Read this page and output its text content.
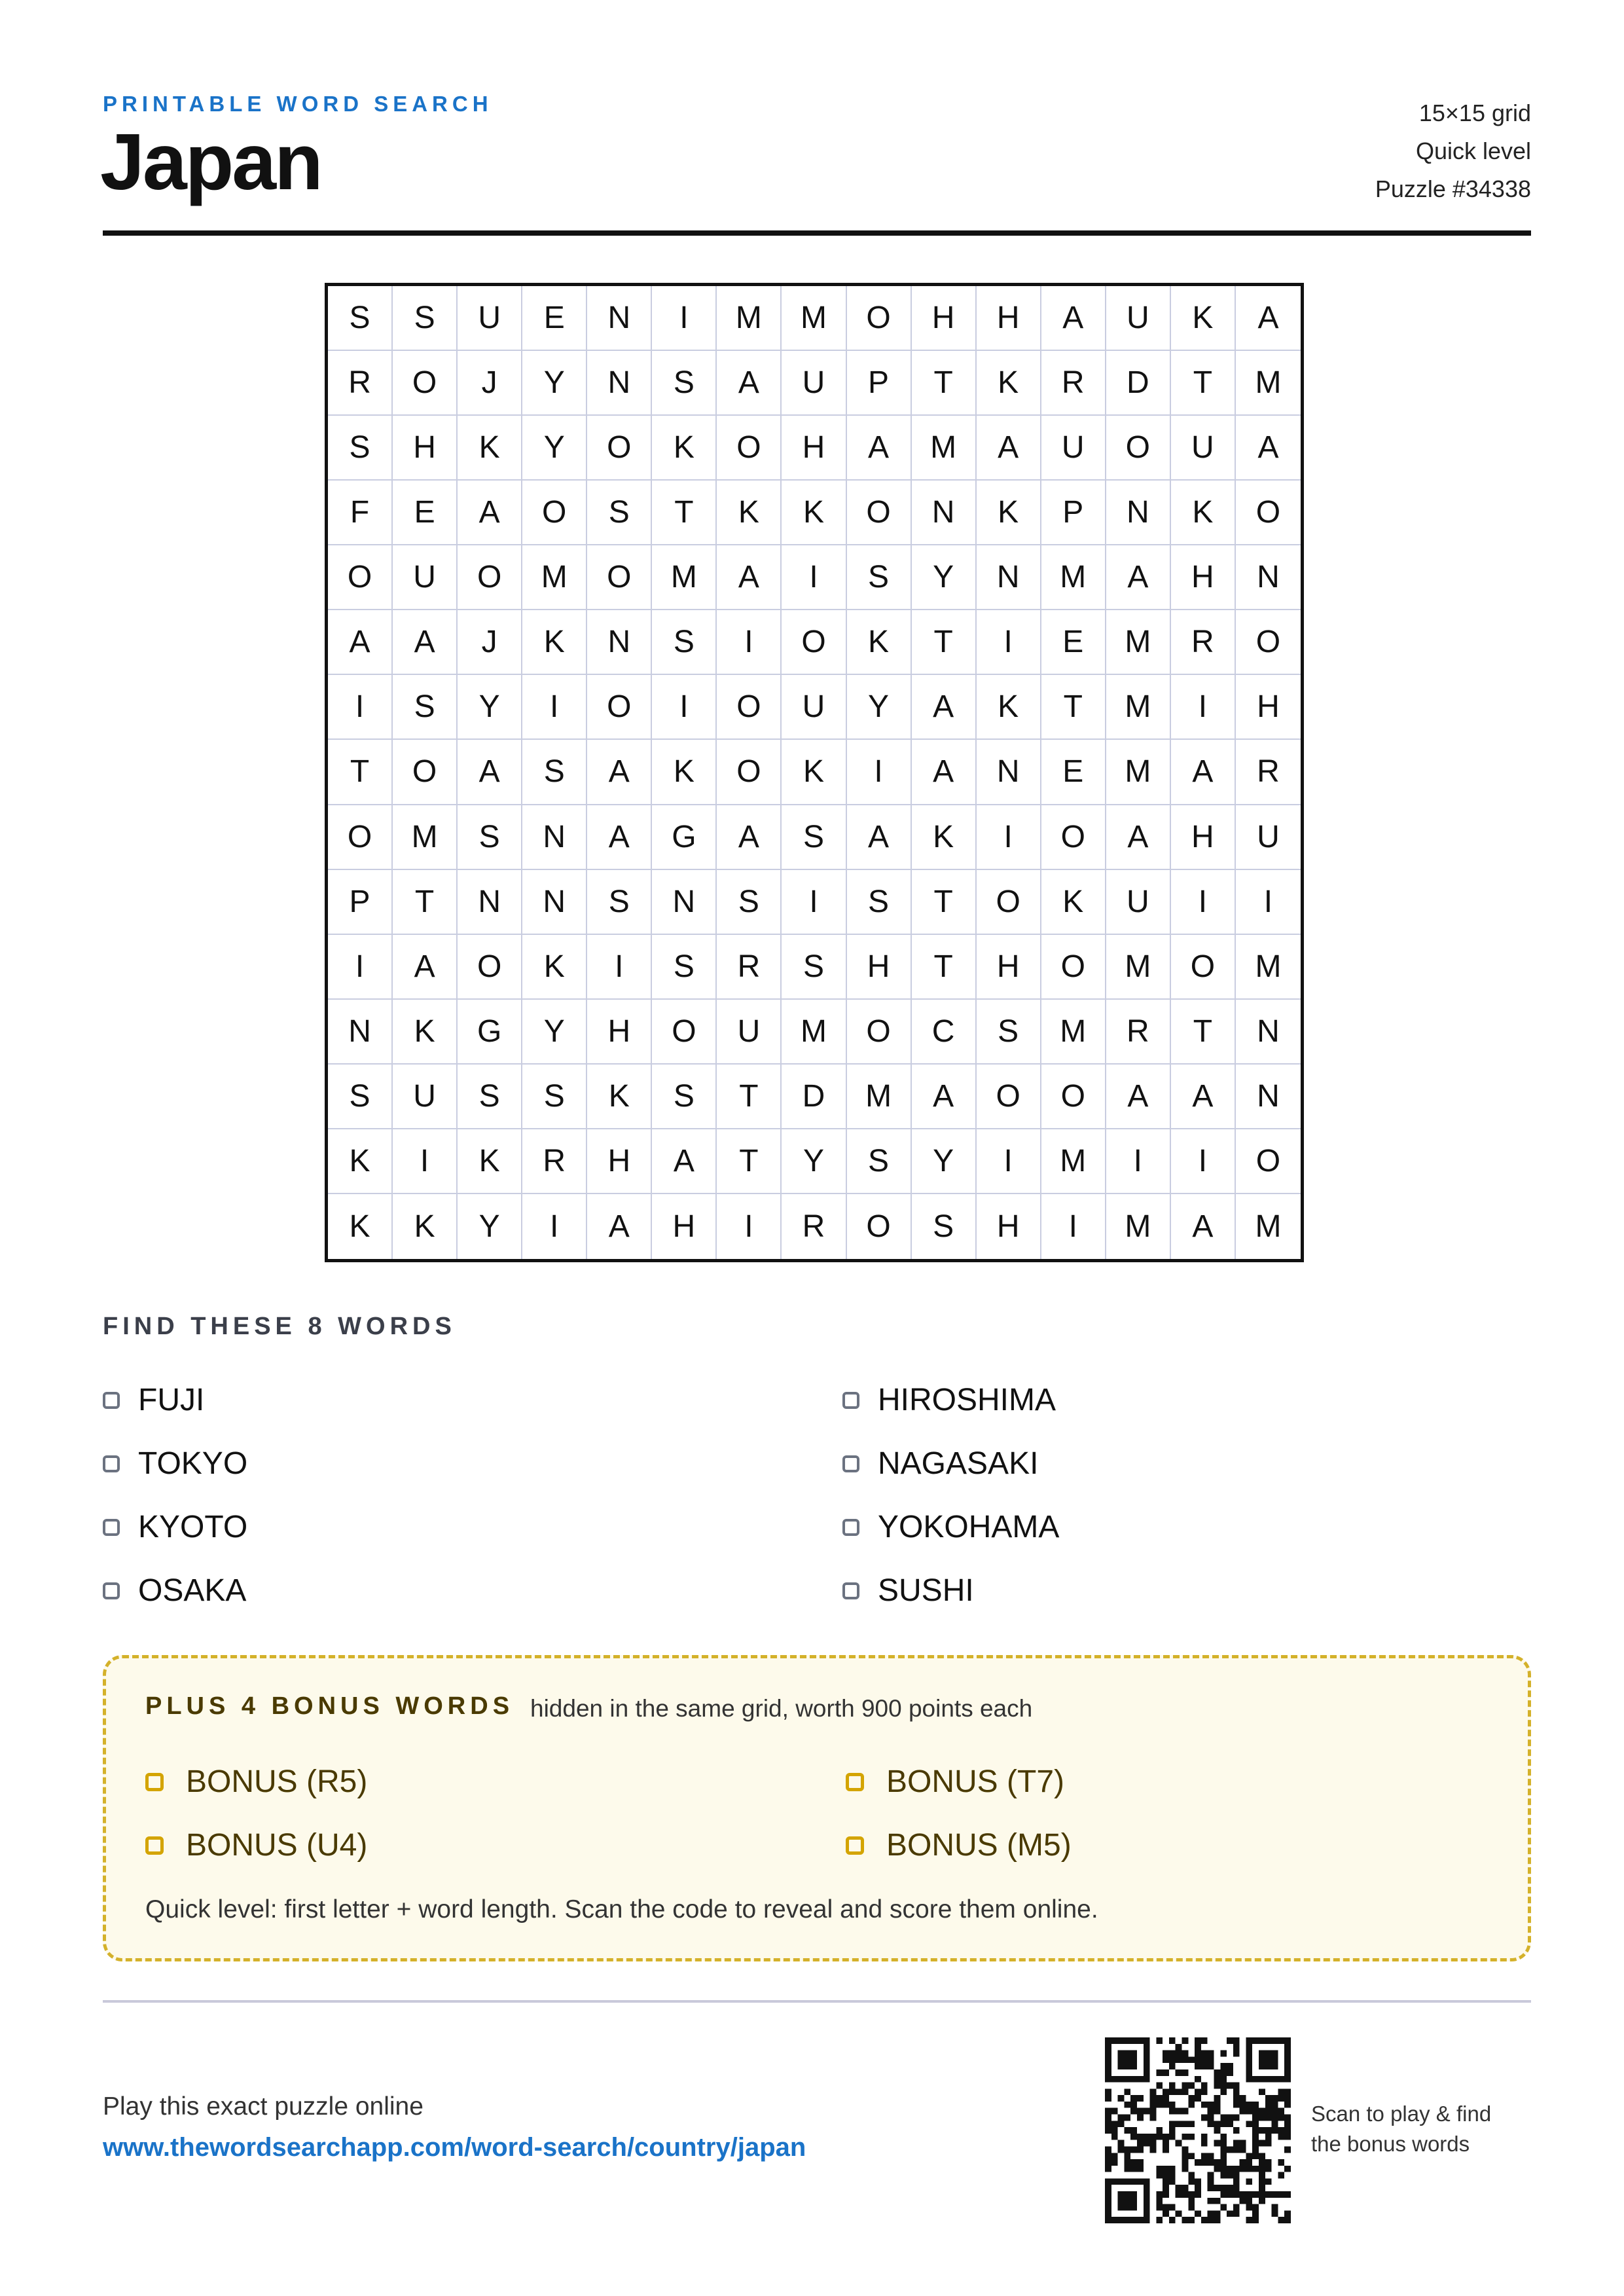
PRINTABLE WORD SEARCH
Japan
15×15 grid
Quick level
Puzzle #34338
S	S	U	E	N	I	M	M	O	H	H	A	U	K	A
R	O	J	Y	N	S	A	U	P	T	K	R	D	T	M
S	H	K	Y	O	K	O	H	A	M	A	U	O	U	A
F	E	A	O	S	T	K	K	O	N	K	P	N	K	O
O	U	O	M	O	M	A	I	S	Y	N	M	A	H	N
A	A	J	K	N	S	I	O	K	T	I	E	M	R	O
I	S	Y	I	O	I	O	U	Y	A	K	T	M	I	H
T	O	A	S	A	K	O	K	I	A	N	E	M	A	R
O	M	S	N	A	G	A	S	A	K	I	O	A	H	U
P	T	N	N	S	N	S	I	S	T	O	K	U	I	I
I	A	O	K	I	S	R	S	H	T	H	O	M	O	M
N	K	G	Y	H	O	U	M	O	C	S	M	R	T	N
S	U	S	S	K	S	T	D	M	A	O	O	A	A	N
K	I	K	R	H	A	T	Y	S	Y	I	M	I	I	O
K	K	Y	I	A	H	I	R	O	S	H	I	M	A	M
FIND THESE 8 WORDS
FUJI	HIROSHIMA
TOKYO	NAGASAKI
KYOTO	YOKOHAMA
OSAKA	SUSHI
PLUS 4 BONUS WORDS hidden in the same grid, worth 900 points each
BONUS (R5)	BONUS (T7)
BONUS (U4)	BONUS (M5)
Quick level: first letter + word length. Scan the code to reveal and score them online.
Play this exact puzzle online
www.thewordsearchapp.com/word-search/country/japan
Scan to play & find
the bonus words
